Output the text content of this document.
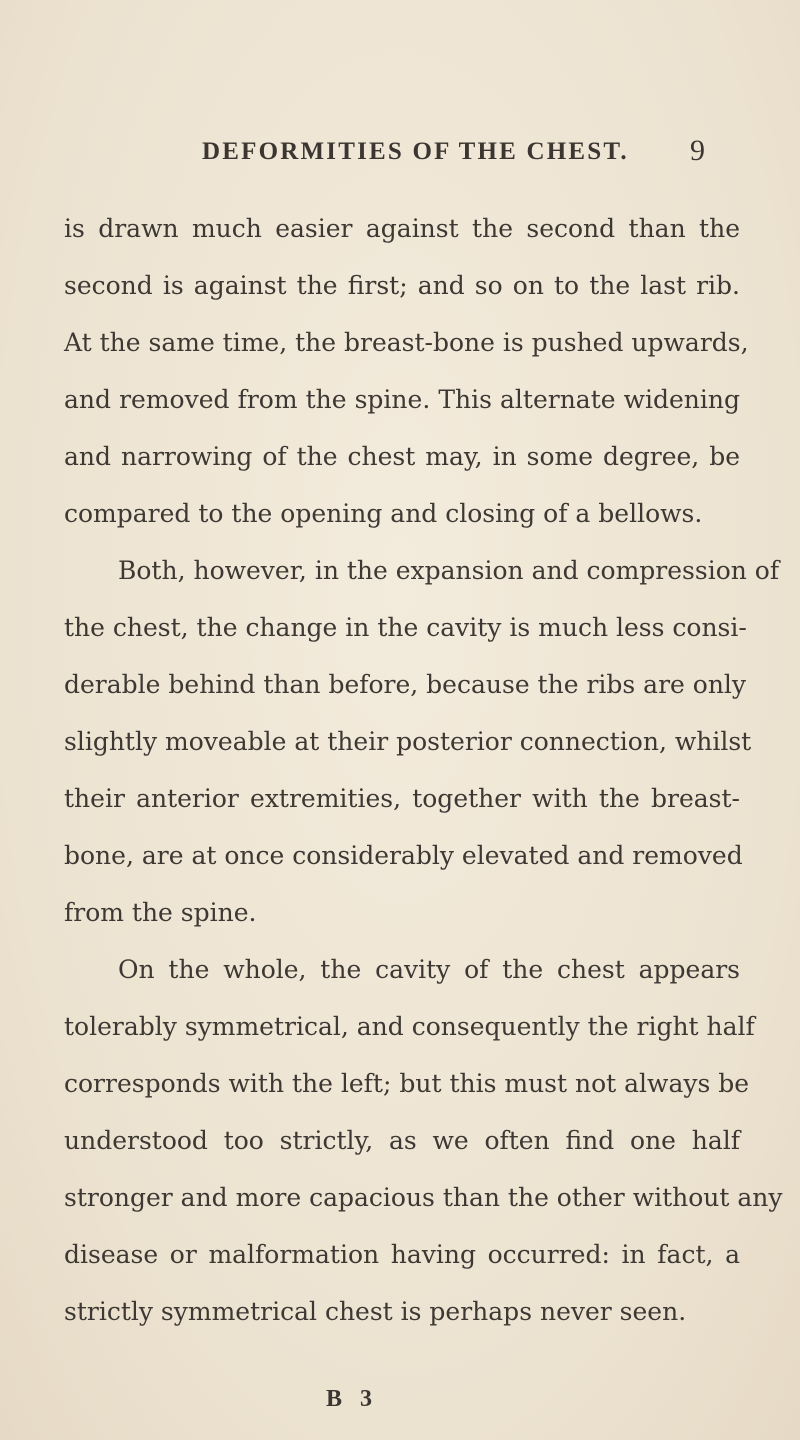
DEFORMITIES OF THE CHEST. 9
is drawn much easier against the second than the
second is against the first; and so on to the last rib.
At the same time, the breast-bone is pushed upwards,
and removed from the spine. This alternate widening
and narrowing of the chest may, in some degree, be
compared to the opening and closing of a bellows.
Both, however, in the expansion and compression of
the chest, the change in the cavity is much less consi-
derable behind than before, because the ribs are only
slightly moveable at their posterior connection, whilst
their anterior extremities, together with the breast-
bone, are at once considerably elevated and removed
from the spine.
On the whole, the cavity of the chest appears
tolerably symmetrical, and consequently the right half
corresponds with the left; but this must not always be
understood too strictly, as we often find one half
stronger and more capacious than the other without any
disease or malformation having occurred: in fact, a
strictly symmetrical chest is perhaps never seen.
B 3
